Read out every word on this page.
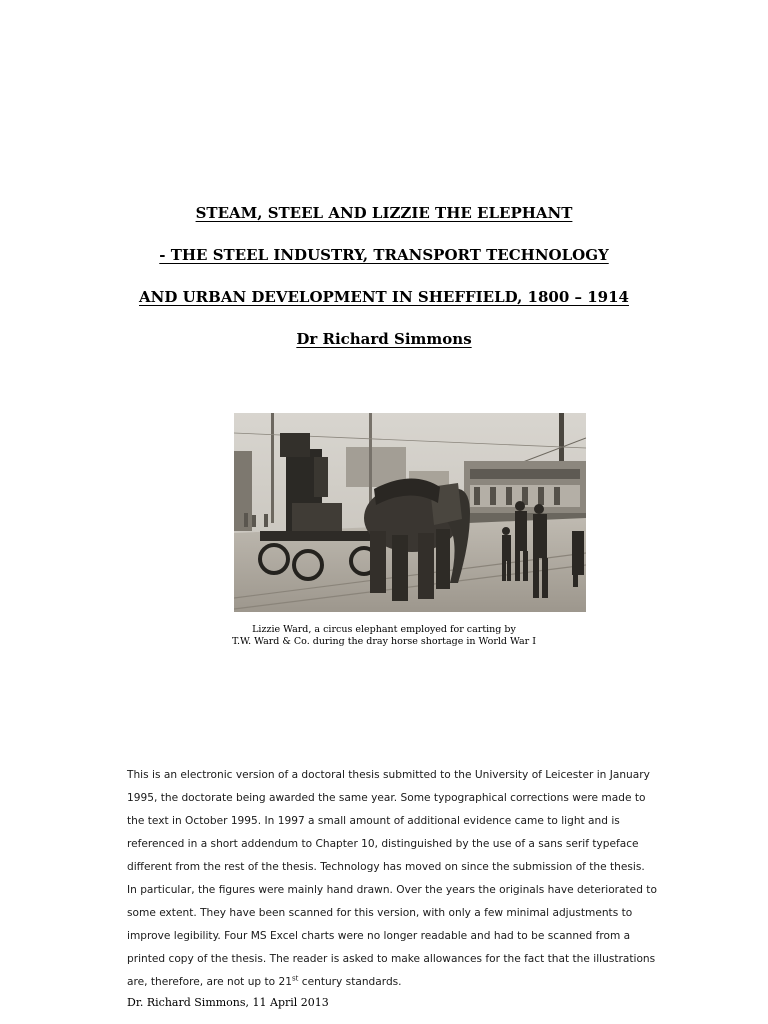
STEAM, STEEL AND LIZZIE THE ELEPHANT
- THE STEEL INDUSTRY, TRANSPORT TECHNOLOGY
AND URBAN DEVELOPMENT IN SHEFFIELD, 1800 – 1914
Dr Richard Simmons
Lizzie Ward, a circus elephant employed for carting by
T.W. Ward & Co. during the dray horse shortage in World War I
This is an electronic version of a doctoral thesis submitted to the University of Leicester in January
1995, the doctorate being awarded the same year. Some typographical corrections were made to
the text in October 1995. In 1997 a small amount of additional evidence came to light and is
referenced in a short addendum to Chapter 10, distinguished by the use of a sans serif typeface
different from the rest of the thesis. Technology has moved on since the submission of the thesis.
In particular, the figures were mainly hand drawn. Over the years the originals have deteriorated to
some extent. They have been scanned for this version, with only a few minimal adjustments to
improve legibility. Four MS Excel charts were no longer readable and had to be scanned from a
printed copy of the thesis. The reader is asked to make allowances for the fact that the illustrations
are, therefore, are not up to 21st century standards.
Dr. Richard Simmons, 11 April 2013
